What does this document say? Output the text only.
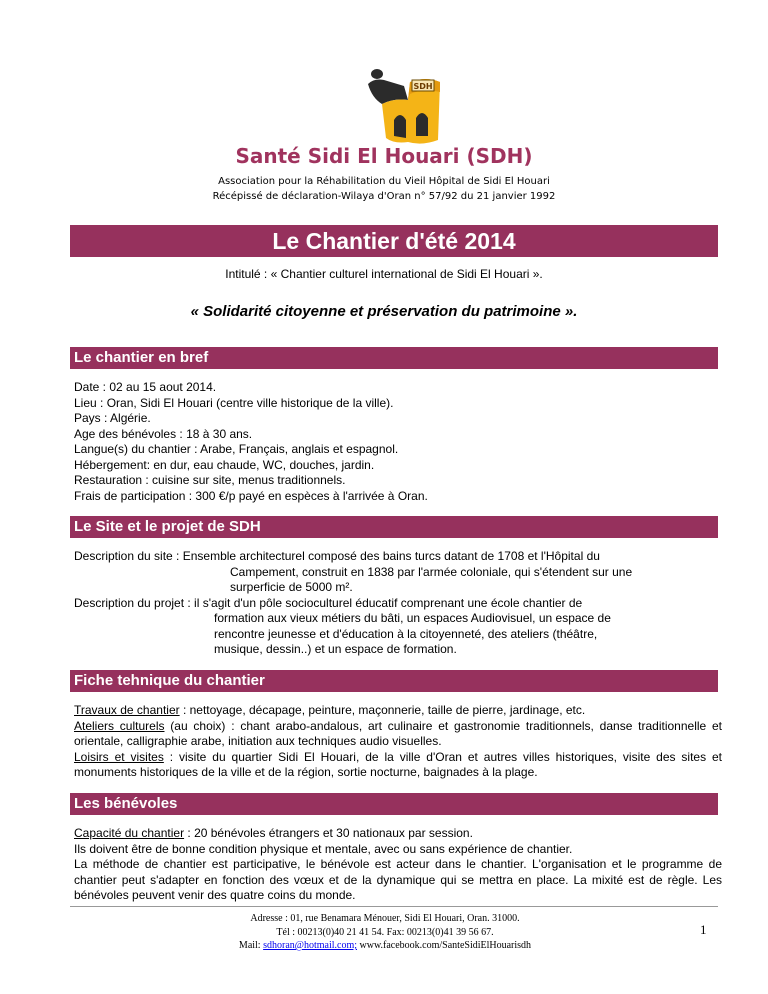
SDH
Santé Sidi El Houari (SDH)
Association pour la Réhabilitation du Vieil Hôpital de Sidi El Houari
Récépissé de déclaration-Wilaya d'Oran n° 57/92 du 21 janvier 1992
Le Chantier d'été 2014
Intitulé : « Chantier culturel international de Sidi El Houari ».
« Solidarité citoyenne et préservation du patrimoine ».
Le chantier en bref

Date : 02 au 15 aout 2014.

Lieu : Oran, Sidi El Houari (centre ville historique de la ville).

Pays : Algérie.

Age des bénévoles : 18 à 30 ans.

Langue(s) du chantier : Arabe, Français, anglais et espagnol.

Hébergement: en dur, eau chaude, WC, douches, jardin.

Restauration : cuisine sur site, menus traditionnels.

Frais de participation : 300 €/p payé en espèces à l'arrivée à Oran.

Le Site et le projet de SDH

Description du site : Ensemble architecturel composé des bains turcs datant de 1708 et l'Hôpital du

Campement, construit en 1838 par l'armée coloniale, qui s'étendent sur une

surperficie de 5000 m².

Description du projet : il s'agit d'un pôle socioculturel éducatif comprenant une école chantier de

formation aux vieux métiers du bâti, un espaces Audiovisuel, un espace de

rencontre jeunesse et d'éducation à la citoyenneté, des ateliers (théâtre,

musique, dessin..) et un espace de formation.

Fiche tehnique du chantier

Travaux de chantier : nettoyage, décapage, peinture, maçonnerie, taille de pierre, jardinage, etc.

Ateliers culturels (au choix) : chant arabo-andalous, art culinaire et gastronomie traditionnels, danse traditionnelle et orientale, calligraphie arabe, initiation aux techniques audio visuelles.

Loisirs et visites : visite du quartier Sidi El Houari, de la ville d'Oran et autres villes historiques, visite des sites et monuments historiques de la ville et de la région, sortie nocturne, baignades à la plage.

Les bénévoles

Capacité du chantier : 20 bénévoles étrangers et 30 nationaux par session.

Ils doivent être de bonne condition physique et mentale, avec ou sans expérience de chantier.

La méthode de chantier est participative, le bénévole est acteur dans le chantier. L'organisation et le programme de chantier peut s'adapter en fonction des vœux et de la dynamique qui se mettra en place. La mixité est de règle. Les bénévoles peuvent venir des quatre coins du monde.

Adresse : 01, rue Benamara Ménouer, Sidi El Houari, Oran. 31000.
Tél : 00213(0)40 21 41 54. Fax: 00213(0)41 39 56 67.
Mail: sdhoran@hotmail.com; www.facebook.com/SanteSidiElHouarisdh
1
